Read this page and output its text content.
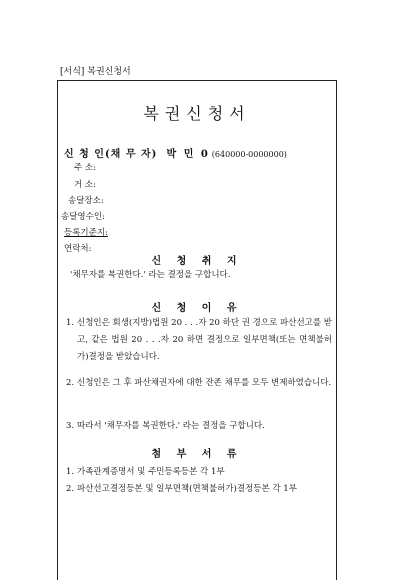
[서식] 복권신청서
복권신청서
신 청 인(채 무 자) 박 민 0 (640000-0000000)
주 소:
거 소:
송달장소:
송달영수인:
등록기준지:
연락처:
신 청 취 지
'채무자를 복권한다.' 라는 결정을 구합니다.
신 청 이 유
1. 신청인은 회생(지방)법원 20 . . .자 20 하단 권 경으로 파산선고를 받고, 같은 법원 20 . . .자 20 하면 결정으로 일부면책(또는 면책불허가)결정을 받았습니다.
2. 신청인은 그 후 파산채권자에 대한 잔존 채무를 모두 변제하였습니다.
3. 따라서 '채무자를 복권한다.' 라는 결정을 구합니다.
첨 부 서 류
1. 가족관계증명서 및 주민등록등본 각 1부
2. 파산선고결정등본 및 일부면책(면책불허가)결정등본 각 1부
